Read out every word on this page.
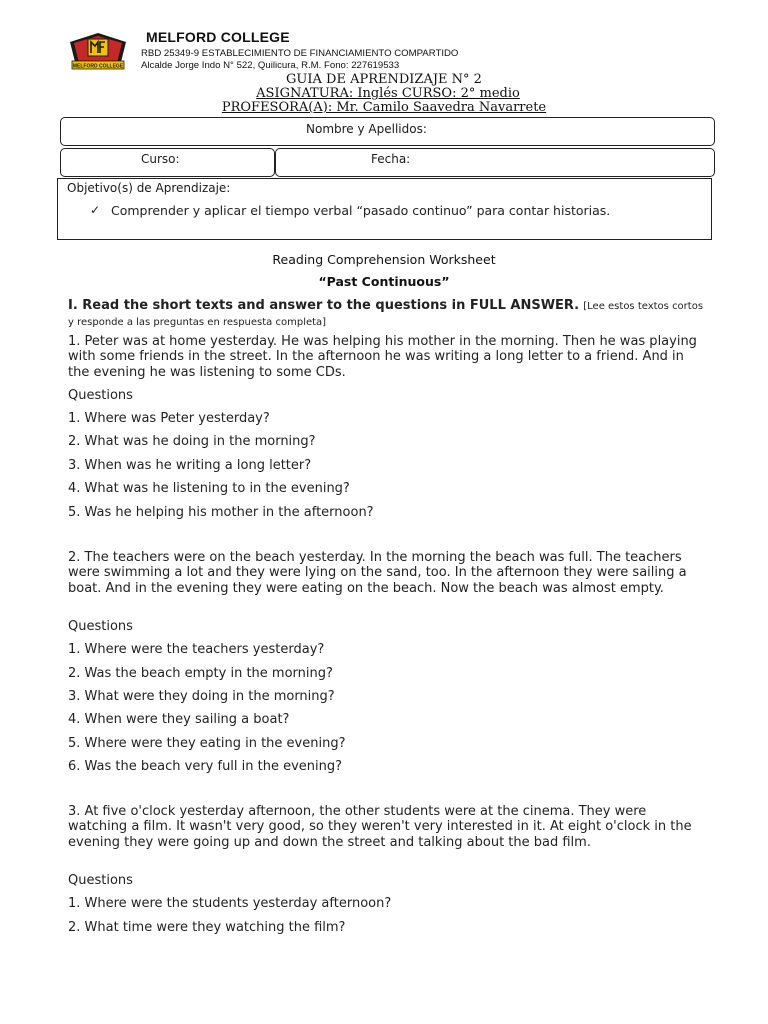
MELFORD COLLEGE
MELFORD COLLEGE
RBD 25349-9 ESTABLECIMIENTO DE FINANCIAMIENTO COMPARTIDO
Alcalde Jorge Indo N° 522, Quilicura, R.M. Fono: 227619533
GUIA DE APRENDIZAJE N° 2
ASIGNATURA: Inglés CURSO: 2° medio
PROFESORA(A): Mr. Camilo Saavedra Navarrete
Nombre y Apellidos:
Curso:	Fecha:
Objetivo(s) de Aprendizaje:
✓ Comprender y aplicar el tiempo verbal “pasado continuo” para contar historias.
Reading Comprehension Worksheet
“Past Continuous”
I. Read the short texts and answer to the questions in FULL ANSWER. [Lee estos textos cortos y responde a las preguntas en respuesta completa]
1. Peter was at home yesterday. He was helping his mother in the morning. Then he was playing with some friends in the street. In the afternoon he was writing a long letter to a friend. And in the evening he was listening to some CDs.
Questions
1. Where was Peter yesterday?
2. What was he doing in the morning?
3. When was he writing a long letter?
4. What was he listening to in the evening?
5. Was he helping his mother in the afternoon?
2. The teachers were on the beach yesterday. In the morning the beach was full. The teachers were swimming a lot and they were lying on the sand, too. In the afternoon they were sailing a boat. And in the evening they were eating on the beach. Now the beach was almost empty.
Questions
1. Where were the teachers yesterday?
2. Was the beach empty in the morning?
3. What were they doing in the morning?
4. When were they sailing a boat?
5. Where were they eating in the evening?
6. Was the beach very full in the evening?
3. At five o'clock yesterday afternoon, the other students were at the cinema. They were watching a film. It wasn't very good, so they weren't very interested in it. At eight o'clock in the evening they were going up and down the street and talking about the bad film.
Questions
1. Where were the students yesterday afternoon?
2. What time were they watching the film?
